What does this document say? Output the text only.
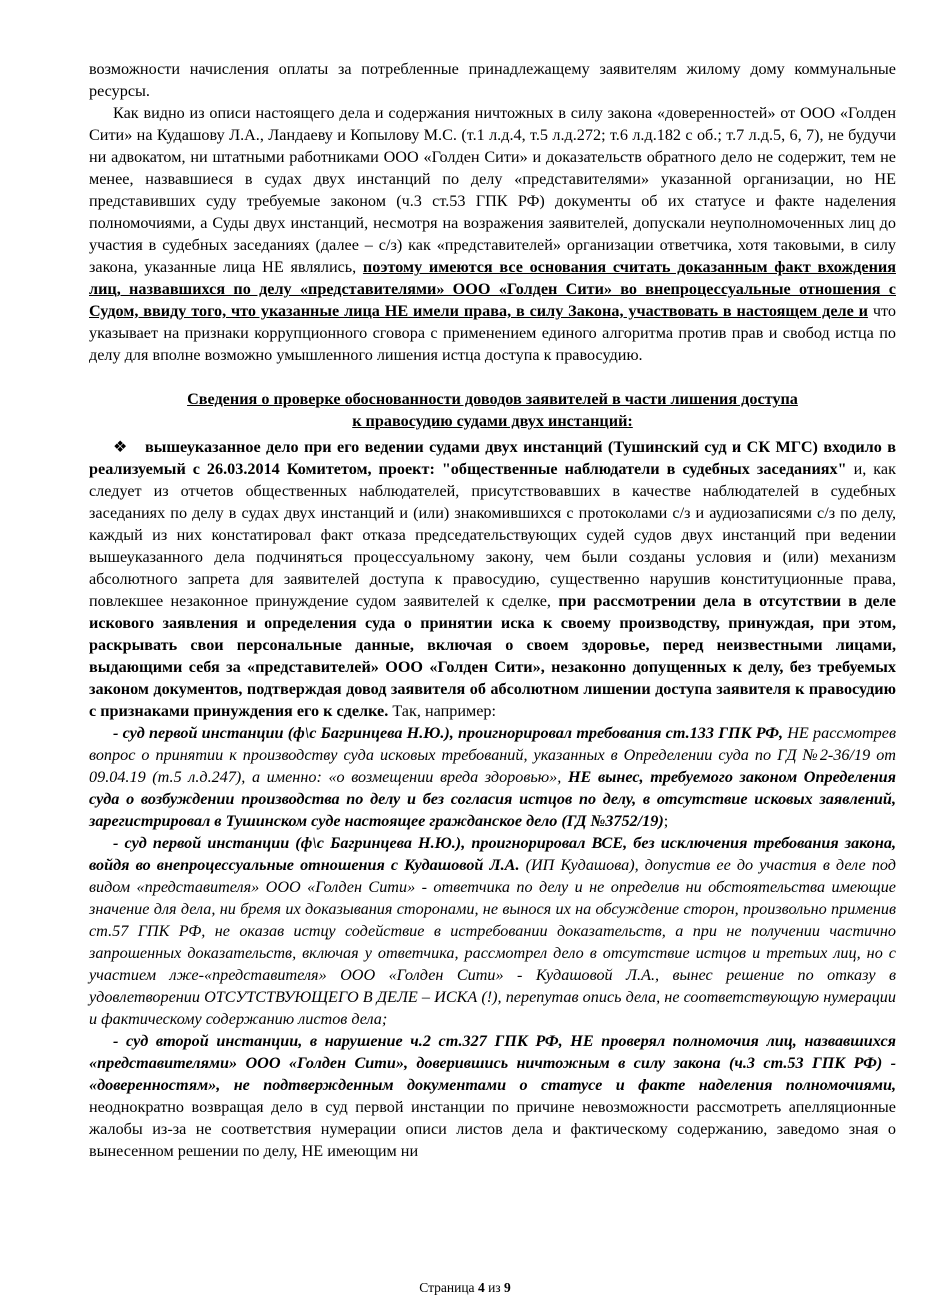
возможности начисления оплаты за потребленные принадлежащему заявителям жилому дому коммунальные ресурсы.

Как видно из описи настоящего дела и содержания ничтожных в силу закона «доверенностей» от ООО «Голден Сити» на Кудашову Л.А., Ландаеву и Копылову М.С. (т.1 л.д.4, т.5 л.д.272; т.6 л.д.182 с об.; т.7 л.д.5, 6, 7), не будучи ни адвокатом, ни штатными работниками ООО «Голден Сити» и доказательств обратного дело не содержит, тем не менее, назвавшиеся в судах двух инстанций по делу «представителями» указанной организации, но НЕ представивших суду требуемые законом (ч.3 ст.53 ГПК РФ) документы об их статусе и факте наделения полномочиями, а Суды двух инстанций, несмотря на возражения заявителей, допускали неуполномоченных лиц до участия в судебных заседаниях (далее – с/з) как «представителей» организации ответчика, хотя таковыми, в силу закона, указанные лица НЕ являлись, поэтому имеются все основания считать доказанным факт вхождения лиц, назвавшихся по делу «представителями» ООО «Голден Сити» во внепроцессуальные отношения с Судом, ввиду того, что указанные лица НЕ имели права, в силу Закона, участвовать в настоящем деле и что указывает на признаки коррупционного сговора с применением единого алгоритма против прав и свобод истца по делу для вполне возможно умышленного лишения истца доступа к правосудию.

Сведения о проверке обоснованности доводов заявителей в части лишения доступа
к правосудию судами двух инстанций:

❖ вышеуказанное дело при его ведении судами двух инстанций (Тушинский суд и СК МГС) входило в реализуемый с 26.03.2014 Комитетом, проект: "общественные наблюдатели в судебных заседаниях" и, как следует из отчетов общественных наблюдателей, присутствовавших в качестве наблюдателей в судебных заседаниях по делу в судах двух инстанций и (или) знакомившихся с протоколами с/з и аудиозаписями с/з по делу, каждый из них констатировал факт отказа председательствующих судей судов двух инстанций при ведении вышеуказанного дела подчиняться процессуальному закону, чем были созданы условия и (или) механизм абсолютного запрета для заявителей доступа к правосудию, существенно нарушив конституционные права, повлекшее незаконное принуждение судом заявителей к сделке, при рассмотрении дела в отсутствии в деле искового заявления и определения суда о принятии иска к своему производству, принуждая, при этом, раскрывать свои персональные данные, включая о своем здоровье, перед неизвестными лицами, выдающими себя за «представителей» ООО «Голден Сити», незаконно допущенных к делу, без требуемых законом документов, подтверждая довод заявителя об абсолютном лишении доступа заявителя к правосудию с признаками принуждения его к сделке. Так, например:

- суд первой инстанции (ф\с Багринцева Н.Ю.), проигнорировал требования ст.133 ГПК РФ, НЕ рассмотрев вопрос о принятии к производству суда исковых требований, указанных в Определении суда по ГД №2-36/19 от 09.04.19 (т.5 л.д.247), а именно: «о возмещении вреда здоровью», НЕ вынес, требуемого законом Определения суда о возбуждении производства по делу и без согласия истцов по делу, в отсутствие исковых заявлений, зарегистрировал в Тушинском суде настоящее гражданское дело (ГД №3752/19);

- суд первой инстанции (ф\с Багринцева Н.Ю.), проигнорировал ВСЕ, без исключения требования закона, войдя во внепроцессуальные отношения с Кудашовой Л.А. (ИП Кудашова), допустив ее до участия в деле под видом «представителя» ООО «Голден Сити» - ответчика по делу и не определив ни обстоятельства имеющие значение для дела, ни бремя их доказывания сторонами, не вынося их на обсуждение сторон, произвольно применив ст.57 ГПК РФ, не оказав истцу содействие в истребовании доказательств, а при не получении частично запрошенных доказательств, включая у ответчика, рассмотрел дело в отсутствие истцов и третьих лиц, но с участием лже-«представителя» ООО «Голден Сити» - Кудашовой Л.А., вынес решение по отказу в удовлетворении ОТСУТСТВУЮЩЕГО В ДЕЛЕ – ИСКА (!), перепутав опись дела, не соответствующую нумерации и фактическому содержанию листов дела;

- суд второй инстанции, в нарушение ч.2 ст.327 ГПК РФ, НЕ проверял полномочия лиц, назвавшихся «представителями» ООО «Голден Сити», доверившись ничтожным в силу закона (ч.3 ст.53 ГПК РФ) - «доверенностям», не подтвержденным документами о статусе и факте наделения полномочиями, неоднократно возвращая дело в суд первой инстанции по причине невозможности рассмотреть апелляционные жалобы из-за не соответствия нумерации описи листов дела и фактическому содержанию, заведомо зная о вынесенном решении по делу, НЕ имеющим ни

Страница 4 из 9
